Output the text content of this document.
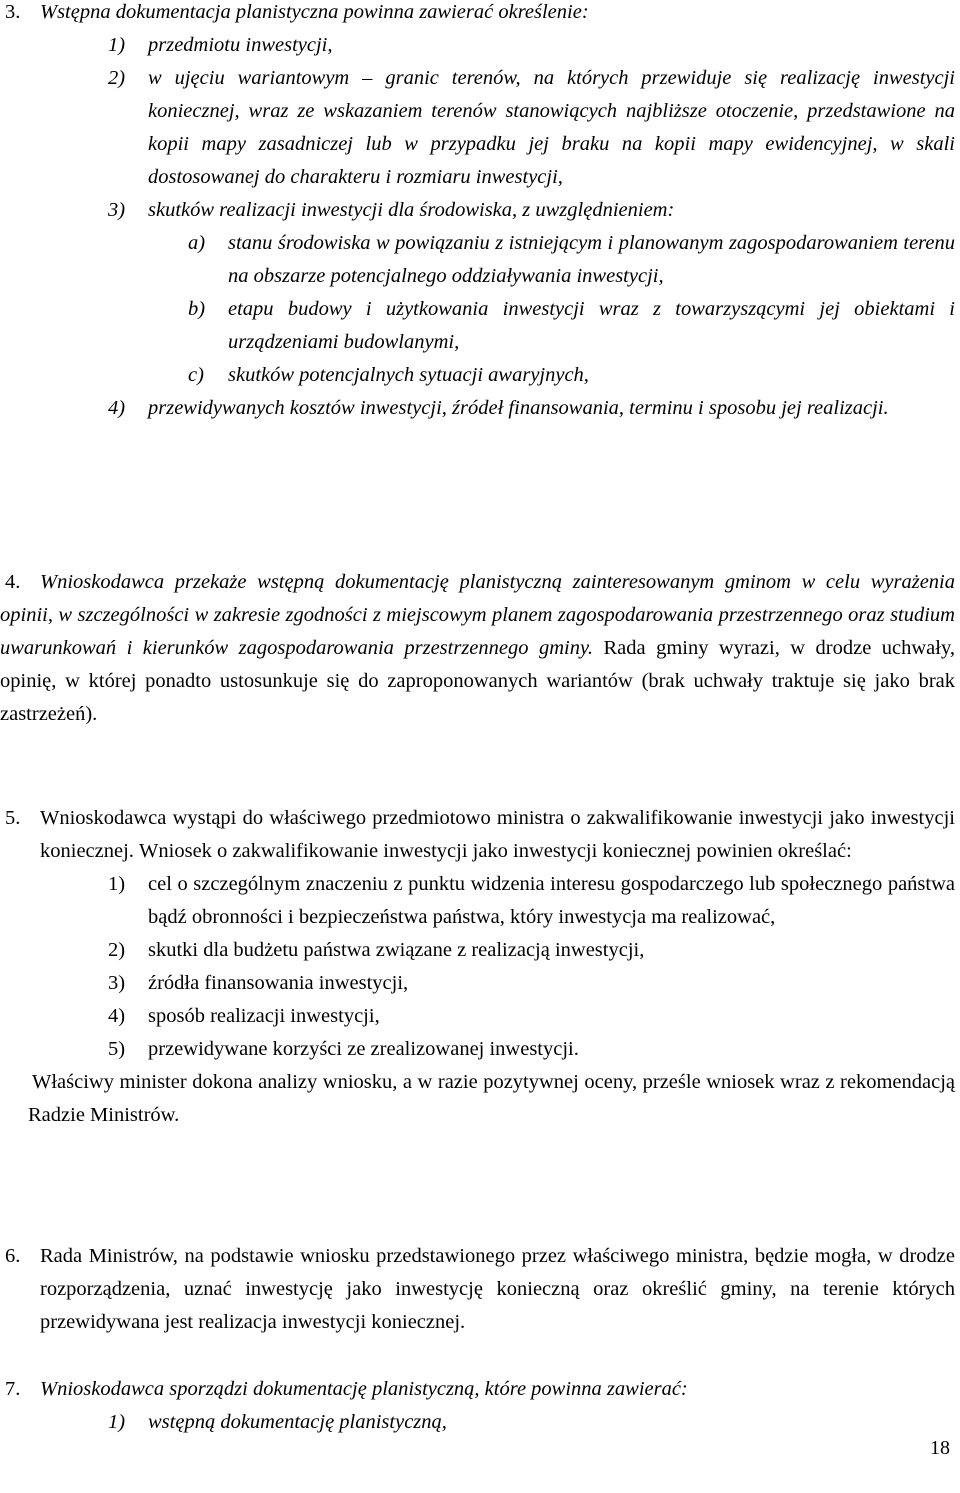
3. Wstępna dokumentacja planistyczna powinna zawierać określenie:
1) przedmiotu inwestycji,
2) w ujęciu wariantowym – granic terenów, na których przewiduje się realizację inwestycji koniecznej, wraz ze wskazaniem terenów stanowiących najbliższe otoczenie, przedstawione na kopii mapy zasadniczej lub w przypadku jej braku na kopii mapy ewidencyjnej, w skali dostosowanej do charakteru i rozmiaru inwestycji,
3) skutków realizacji inwestycji dla środowiska, z uwzględnieniem:
a) stanu środowiska w powiązaniu z istniejącym i planowanym zagospodarowaniem terenu na obszarze potencjalnego oddziaływania inwestycji,
b) etapu budowy i użytkowania inwestycji wraz z towarzyszącymi jej obiektami i urządzeniami budowlanymi,
c) skutków potencjalnych sytuacji awaryjnych,
4) przewidywanych kosztów inwestycji, źródeł finansowania, terminu i sposobu jej realizacji.
4. Wnioskodawca przekaże wstępną dokumentację planistyczną zainteresowanym gminom w celu wyrażenia opinii, w szczególności w zakresie zgodności z miejscowym planem zagospodarowania przestrzennego oraz studium uwarunkowań i kierunków zagospodarowania przestrzennego gminy. Rada gminy wyrazi, w drodze uchwały, opinię, w której ponadto ustosunkuje się do zaproponowanych wariantów (brak uchwały traktuje się jako brak zastrzeżeń).
5. Wnioskodawca wystąpi do właściwego przedmiotowo ministra o zakwalifikowanie inwestycji jako inwestycji koniecznej. Wniosek o zakwalifikowanie inwestycji jako inwestycji koniecznej powinien określać:
1) cel o szczególnym znaczeniu z punktu widzenia interesu gospodarczego lub społecznego państwa bądź obronności i bezpieczeństwa państwa, który inwestycja ma realizować,
2) skutki dla budżetu państwa związane z realizacją inwestycji,
3) źródła finansowania inwestycji,
4) sposób realizacji inwestycji,
5) przewidywane korzyści ze zrealizowanej inwestycji.
Właściwy minister dokona analizy wniosku, a w razie pozytywnej oceny, prześle wniosek wraz z rekomendacją Radzie Ministrów.
6. Rada Ministrów, na podstawie wniosku przedstawionego przez właściwego ministra, będzie mogła, w drodze rozporządzenia, uznać inwestycję jako inwestycję konieczną oraz określić gminy, na terenie których przewidywana jest realizacja inwestycji koniecznej.
7. Wnioskodawca sporządzi dokumentację planistyczną, które powinna zawierać:
1) wstępną dokumentację planistyczną,
18
